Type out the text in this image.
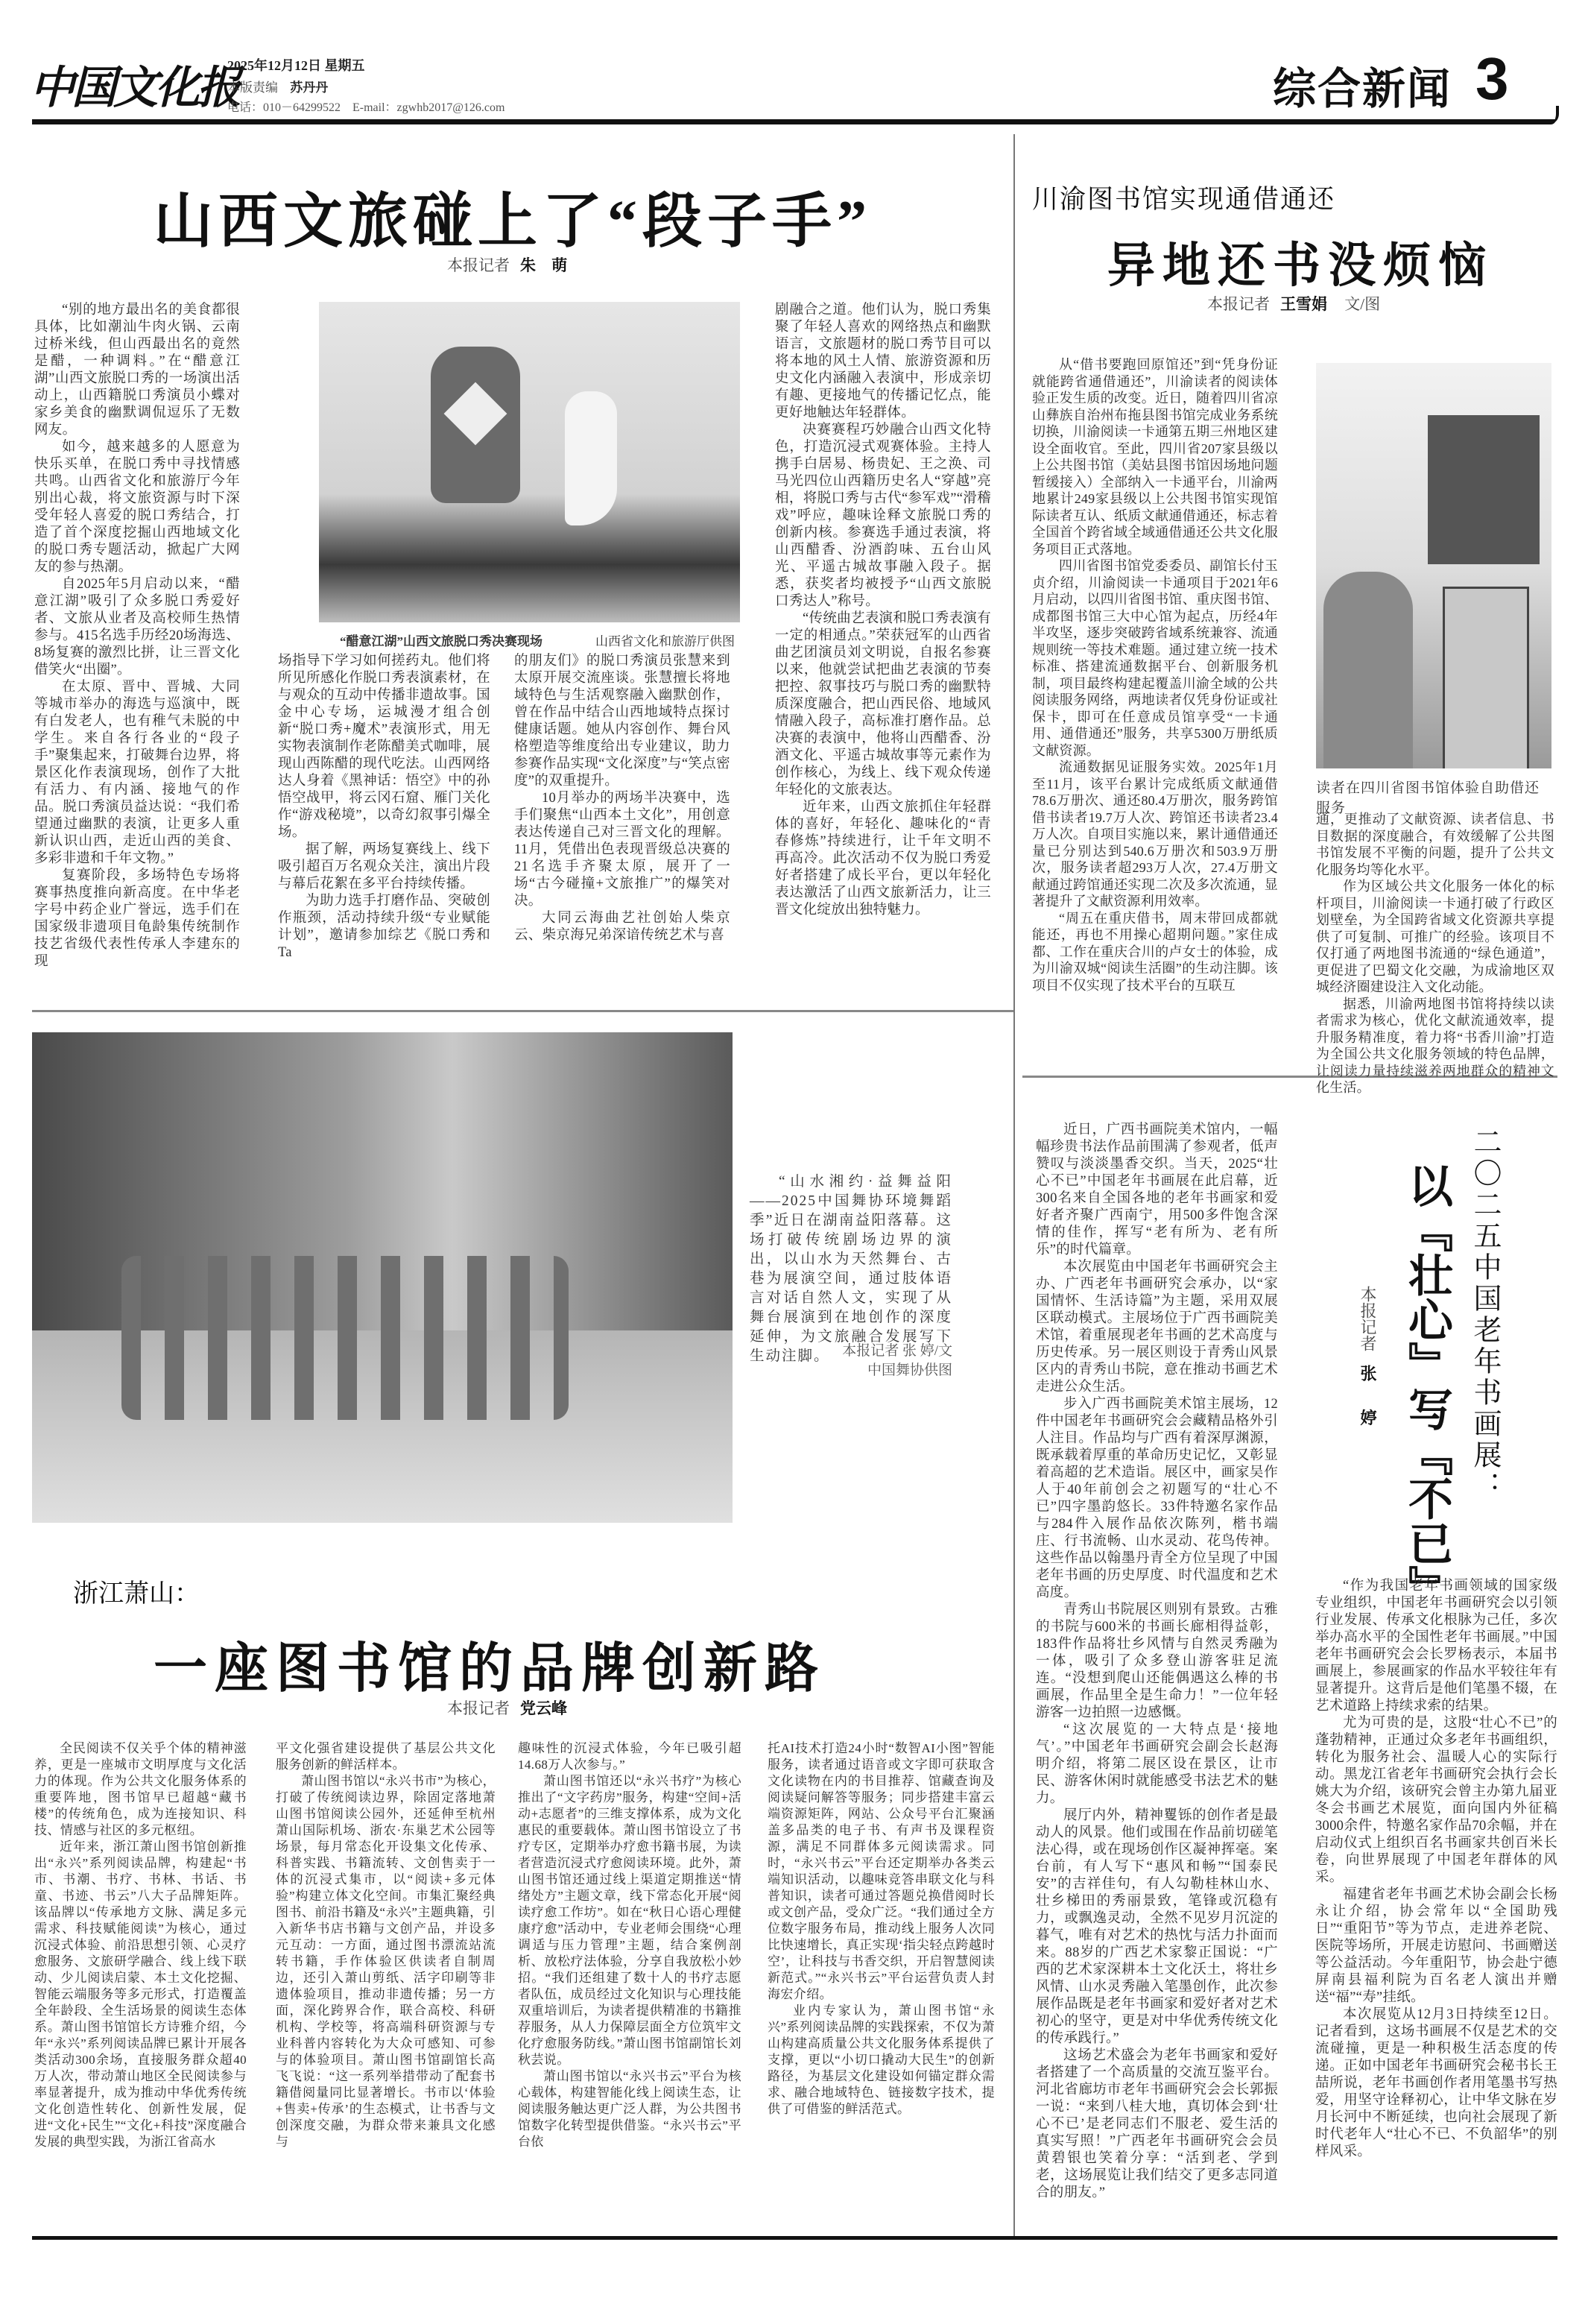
中国文化报
2025年12月12日 星期五
本版责编 苏丹丹
电话：010－64299522　E-mail：zgwhb2017@126.com	综合新闻 3
山西文旅碰上了“段子手”
本报记者 朱 萌

“别的地方最出名的美食都很具体，比如潮汕牛肉火锅、云南过桥米线，但山西最出名的竟然是醋，一种调料。”在“醋意江湖”山西文旅脱口秀的一场演出活动上，山西籍脱口秀演员小蝶对家乡美食的幽默调侃逗乐了无数网友。

如今，越来越多的人愿意为快乐买单，在脱口秀中寻找情感共鸣。山西省文化和旅游厅今年别出心裁，将文旅资源与时下深受年轻人喜爱的脱口秀结合，打造了首个深度挖掘山西地域文化的脱口秀专题活动，掀起广大网友的参与热潮。

自2025年5月启动以来，“醋意江湖”吸引了众多脱口秀爱好者、文旅从业者及高校师生热情参与。415名选手历经20场海选、8场复赛的激烈比拼，让三晋文化借笑火“出圈”。

在太原、晋中、晋城、大同等城市举办的海选与巡演中，既有白发老人，也有稚气未脱的中学生。来自各行各业的“段子手”聚集起来，打破舞台边界，将景区化作表演现场，创作了大批有活力、有内涵、接地气的作品。脱口秀演员益达说：“我们希望通过幽默的表演，让更多人重新认识山西，走近山西的美食、多彩非遗和千年文物。”

复赛阶段，多场特色专场将赛事热度推向新高度。在中华老字号中药企业广誉远，选手们在国家级非遗项目龟龄集传统制作技艺省级代表性传承人李建东的现

“醋意江湖”山西文旅脱口秀决赛现场	山西省文化和旅游厅供图

场指导下学习如何搓药丸。他们将所见所感化作脱口秀表演素材，在与观众的互动中传播非遗故事。国金中心专场，运城漫才组合创新“脱口秀+魔术”表演形式，用无实物表演制作老陈醋美式咖啡，展现山西陈醋的现代吃法。山西网络达人身着《黑神话：悟空》中的孙悟空战甲，将云冈石窟、雁门关化作“游戏秘境”，以奇幻叙事引爆全场。

据了解，两场复赛线上、线下吸引超百万名观众关注，演出片段与幕后花絮在多平台持续传播。

为助力选手打磨作品、突破创作瓶颈，活动持续升级“专业赋能计划”，邀请参加综艺《脱口秀和Ta

的朋友们》的脱口秀演员张慧来到太原开展交流座谈。张慧擅长将地域特色与生活观察融入幽默创作，曾在作品中结合山西地域特点探讨健康话题。她从内容创作、舞台风格塑造等维度给出专业建议，助力参赛作品实现“文化深度”与“笑点密度”的双重提升。

10月举办的两场半决赛中，选手们聚焦“山西本土文化”，用创意表达传递自己对三晋文化的理解。11月，凭借出色表现晋级总决赛的21名选手齐聚太原，展开了一场“古今碰撞+文旅推广”的爆笑对决。

大同云海曲艺社创始人柴京云、柴京海兄弟深谙传统艺术与喜

剧融合之道。他们认为，脱口秀集聚了年轻人喜欢的网络热点和幽默语言，文旅题材的脱口秀节目可以将本地的风土人情、旅游资源和历史文化内涵融入表演中，形成亲切有趣、更接地气的传播记忆点，能更好地触达年轻群体。

决赛赛程巧妙融合山西文化特色，打造沉浸式观赛体验。主持人携手白居易、杨贵妃、王之涣、司马光四位山西籍历史名人“穿越”亮相，将脱口秀与古代“参军戏”“滑稽戏”呼应，趣味诠释文旅脱口秀的创新内核。参赛选手通过表演，将山西醋香、汾酒韵味、五台山风光、平遥古城故事融入段子。据悉，获奖者均被授予“山西文旅脱口秀达人”称号。

“传统曲艺表演和脱口秀表演有一定的相通点。”荣获冠军的山西省曲艺团演员刘文明说，自报名参赛以来，他就尝试把曲艺表演的节奏把控、叙事技巧与脱口秀的幽默特质深度融合，把山西民俗、地域风情融入段子，高标准打磨作品。总决赛的表演中，他将山西醋香、汾酒文化、平遥古城故事等元素作为创作核心，为线上、线下观众传递年轻化的文旅表达。

近年来，山西文旅抓住年轻群体的喜好，年轻化、趣味化的“青春修炼”持续进行，让千年文明不再高冷。此次活动不仅为脱口秀爱好者搭建了成长平台，更以年轻化表达激活了山西文旅新活力，让三晋文化绽放出独特魅力。

川渝图书馆实现通借通还
异地还书没烦恼
本报记者 王雪娟 文/图

从“借书要跑回原馆还”到“凭身份证就能跨省通借通还”，川渝读者的阅读体验正发生质的改变。近日，随着四川省凉山彝族自治州布拖县图书馆完成业务系统切换，川渝阅读一卡通第五期三州地区建设全面收官。至此，四川省207家县级以上公共图书馆（美姑县图书馆因场地问题暂缓接入）全部纳入一卡通平台，川渝两地累计249家县级以上公共图书馆实现馆际读者互认、纸质文献通借通还，标志着全国首个跨省域全域通借通还公共文化服务项目正式落地。

四川省图书馆党委委员、副馆长付玉贞介绍，川渝阅读一卡通项目于2021年6月启动，以四川省图书馆、重庆图书馆、成都图书馆三大中心馆为起点，历经4年半攻坚，逐步突破跨省域系统兼容、流通规则统一等技术难题。通过建立统一技术标准、搭建流通数据平台、创新服务机制，项目最终构建起覆盖川渝全域的公共阅读服务网络，两地读者仅凭身份证或社保卡，即可在任意成员馆享受“一卡通用、通借通还”服务，共享5300万册纸质文献资源。

流通数据见证服务实效。2025年1月至11月，该平台累计完成纸质文献通借78.6万册次、通还80.4万册次，服务跨馆借书读者19.7万人次、跨馆还书读者23.4万人次。自项目实施以来，累计通借通还量已分别达到540.6万册次和503.9万册次，服务读者超293万人次，27.4万册文献通过跨馆通还实现二次及多次流通，显著提升了文献资源利用效率。

“周五在重庆借书，周末带回成都就能还，再也不用操心超期问题。”家住成都、工作在重庆合川的卢女士的体验，成为川渝双城“阅读生活圈”的生动注脚。该项目不仅实现了技术平台的互联互

读者在四川省图书馆体验自助借还服务

通，更推动了文献资源、读者信息、书目数据的深度融合，有效缓解了公共图书馆发展不平衡的问题，提升了公共文化服务均等化水平。

作为区域公共文化服务一体化的标杆项目，川渝阅读一卡通打破了行政区划壁垒，为全国跨省域文化资源共享提供了可复制、可推广的经验。该项目不仅打通了两地图书流通的“绿色通道”，更促进了巴蜀文化交融，为成渝地区双城经济圈建设注入文化动能。

据悉，川渝两地图书馆将持续以读者需求为核心，优化文献流通效率，提升服务精准度，着力将“书香川渝”打造为全国公共文化服务领域的特色品牌，让阅读力量持续滋养两地群众的精神文化生活。

“山水湘约·益舞益阳——2025中国舞协环境舞蹈季”近日在湖南益阳落幕。这场打破传统剧场边界的演出，以山水为天然舞台、古巷为展演空间，通过肢体语言对话自然人文，实现了从舞台展演到在地创作的深度延伸，为文旅融合发展写下生动注脚。 本报记者 张 婷/文
中国舞协供图

近日，广西书画院美术馆内，一幅幅珍贵书法作品前围满了参观者，低声赞叹与淡淡墨香交织。当天，2025“壮心不已”中国老年书画展在此启幕，近300名来自全国各地的老年书画家和爱好者齐聚广西南宁，用500多件饱含深情的佳作，挥写“老有所为、老有所乐”的时代篇章。

本次展览由中国老年书画研究会主办、广西老年书画研究会承办，以“家国情怀、生活诗篇”为主题，采用双展区联动模式。主展场位于广西书画院美术馆，着重展现老年书画的艺术高度与历史传承。另一展区则设于青秀山风景区内的青秀山书院，意在推动书画艺术走进公众生活。

步入广西书画院美术馆主展场，12件中国老年书画研究会会藏精品格外引人注目。作品均与广西有着深厚渊源，既承载着厚重的革命历史记忆，又彰显着高超的艺术造诣。展区中，画家吴作人于40年前创会之初题写的“壮心不已”四字墨韵悠长。33件特邀名家作品与284件入展作品依次陈列，楷书端庄、行书流畅、山水灵动、花鸟传神。这些作品以翰墨丹青全方位呈现了中国老年书画的历史厚度、时代温度和艺术高度。

青秀山书院展区则别有景致。古雅的书院与600米的书画长廊相得益彰，183件作品将壮乡风情与自然灵秀融为一体，吸引了众多登山游客驻足流连。“没想到爬山还能偶遇这么棒的书画展，作品里全是生命力！”一位年轻游客一边拍照一边感慨。

“这次展览的一大特点是‘接地气’。”中国老年书画研究会副会长赵海明介绍，将第二展区设在景区，让市民、游客休闲时就能感受书法艺术的魅力。

展厅内外，精神矍铄的创作者是最动人的风景。他们或围在作品前切磋笔法心得，或在现场创作区凝神挥毫。案台前，有人写下“惠风和畅”“国泰民安”的吉祥佳句，有人勾勒桂林山水、壮乡梯田的秀丽景致，笔锋或沉稳有力，或飘逸灵动，全然不见岁月沉淀的暮气，唯有对艺术的热忱与活力扑面而来。88岁的广西艺术家黎正国说：“广西的艺术家深耕本土文化沃土，将壮乡风情、山水灵秀融入笔墨创作，此次参展作品既是老年书画家和爱好者对艺术初心的坚守，更是对中华优秀传统文化的传承践行。”

这场艺术盛会为老年书画家和爱好者搭建了一个高质量的交流互鉴平台。河北省廊坊市老年书画研究会会长郭振一说：“来到八桂大地，真切体会到‘壮心不已’是老同志们不服老、爱生活的真实写照！”广西老年书画研究会会员黄碧银也笑着分享：“活到老、学到老，这场展览让我们结交了更多志同道合的朋友。”

二〇二五中国老年书画展：
以『壮心』写『不已』
本报记者张 婷

“作为我国老年书画领域的国家级专业组织，中国老年书画研究会以引领行业发展、传承文化根脉为己任，多次举办高水平的全国性老年书画展。”中国老年书画研究会会长罗杨表示，本届书画展上，参展画家的作品水平较往年有显著提升。这背后是他们笔墨不辍，在艺术道路上持续求索的结果。

尤为可贵的是，这股“壮心不已”的蓬勃精神，正通过众多老年书画组织，转化为服务社会、温暖人心的实际行动。黑龙江省老年书画研究会执行会长姚大为介绍，该研究会曾主办第九届亚冬会书画艺术展览，面向国内外征稿3000余件，特邀名家作品70余幅，并在启动仪式上组织百名书画家共创百米长卷，向世界展现了中国老年群体的风采。

福建省老年书画艺术协会副会长杨永让介绍，协会常年以“全国助残日”“重阳节”等为节点，走进养老院、医院等场所，开展走访慰问、书画赠送等公益活动。今年重阳节，协会赴宁德屏南县福利院为百名老人演出并赠送“福”“寿”挂纸。

本次展览从12月3日持续至12日。记者看到，这场书画展不仅是艺术的交流碰撞，更是一种积极生活态度的传递。正如中国老年书画研究会秘书长王喆所说，老年书画创作者用笔墨书写热爱，用坚守诠释初心，让中华文脉在岁月长河中不断延续，也向社会展现了新时代老年人“壮心不已、不负韶华”的别样风采。

浙江萧山：
一座图书馆的品牌创新路
本报记者 党云峰

全民阅读不仅关乎个体的精神滋养，更是一座城市文明厚度与文化活力的体现。作为公共文化服务体系的重要阵地，图书馆早已超越“藏书楼”的传统角色，成为连接知识、科技、情感与社区的多元枢纽。

近年来，浙江萧山图书馆创新推出“永兴”系列阅读品牌，构建起“书市、书潮、书疗、书林、书话、书童、书迹、书云”八大子品牌矩阵。该品牌以“传承地方文脉、满足多元需求、科技赋能阅读”为核心，通过沉浸式体验、前沿思想引领、心灵疗愈服务、文旅研学融合、线上线下联动、少儿阅读启蒙、本土文化挖掘、智能云端服务等多元形式，打造覆盖全年龄段、全生活场景的阅读生态体系。萧山图书馆馆长方诗雅介绍，今年“永兴”系列阅读品牌已累计开展各类活动300余场，直接服务群众超40万人次，带动萧山地区全民阅读参与率显著提升，成为推动中华优秀传统文化创造性转化、创新性发展，促进“文化+民生”“文化+科技”深度融合发展的典型实践，为浙江省高水

平文化强省建设提供了基层公共文化服务创新的鲜活样本。

萧山图书馆以“永兴书市”为核心，打破了传统阅读边界，除固定落地萧山图书馆阅读公园外，还延伸至杭州萧山国际机场、浙农·东巢艺术公园等场景，每月常态化开设集文化传承、科普实践、书籍流转、文创售卖于一体的沉浸式集市，以“阅读+多元体验”构建立体文化空间。市集汇聚经典图书、前沿书籍及“永兴”主题典籍，引入新华书店书籍与文创产品，并设多元互动：一方面，通过图书漂流站流转书籍，手作体验区供读者自制周边，还引入萧山剪纸、活字印刷等非遗体验项目，推动非遗传播；另一方面，深化跨界合作，联合高校、科研机构、学校等，将高端科研资源与专业科普内容转化为大众可感知、可参与的体验项目。萧山图书馆副馆长高飞飞说：“这一系列举措带动了配套书籍借阅量同比显著增长。书市以‘体验+售卖+传承’的生态模式，让书香与文创深度交融，为群众带来兼具文化感与

趣味性的沉浸式体验，今年已吸引超14.68万人次参与。”

萧山图书馆还以“永兴书疗”为核心推出了“文字药房”服务，构建“空间+活动+志愿者”的三维支撑体系，成为文化惠民的重要载体。萧山图书馆设立了书疗专区，定期举办疗愈书籍书展，为读者营造沉浸式疗愈阅读环境。此外，萧山图书馆还通过线上渠道定期推送“情绪处方”主题文章，线下常态化开展“阅读疗愈工作坊”。如在“秋日心语心理健康疗愈”活动中，专业老师会围绕“心理调适与压力管理”主题，结合案例剖析、放松疗法体验，分享自我放松小妙招。“我们还组建了数十人的书疗志愿者队伍，成员经过文化知识与心理技能双重培训后，为读者提供精准的书籍推荐服务，从人力保障层面全方位筑牢文化疗愈服务防线。”萧山图书馆副馆长刘秋芸说。

萧山图书馆以“永兴书云”平台为核心载体，构建智能化线上阅读生态，让阅读服务触达更广泛人群，为公共图书馆数字化转型提供借鉴。“永兴书云”平台依

托AI技术打造24小时“数智AI小图”智能服务，读者通过语音或文字即可获取含文化读物在内的书目推荐、馆藏查询及阅读疑问解答等服务；同步搭建丰富云端资源矩阵，网站、公众号平台汇聚涵盖多品类的电子书、有声书及课程资源，满足不同群体多元阅读需求。同时，“永兴书云”平台还定期举办各类云端知识活动，以趣味竞答串联文化与科普知识，读者可通过答题兑换借阅时长或文创产品，受众广泛。“我们通过全方位数字服务布局，推动线上服务人次同比快速增长，真正实现‘指尖轻点跨越时空’，让科技与书香交织，开启智慧阅读新范式。”“永兴书云”平台运营负责人封海宏介绍。

业内专家认为，萧山图书馆“永兴”系列阅读品牌的实践探索，不仅为萧山构建高质量公共文化服务体系提供了支撑，更以“小切口撬动大民生”的创新路径，为基层文化建设如何锚定群众需求、融合地域特色、链接数字技术，提供了可借鉴的鲜活范式。
